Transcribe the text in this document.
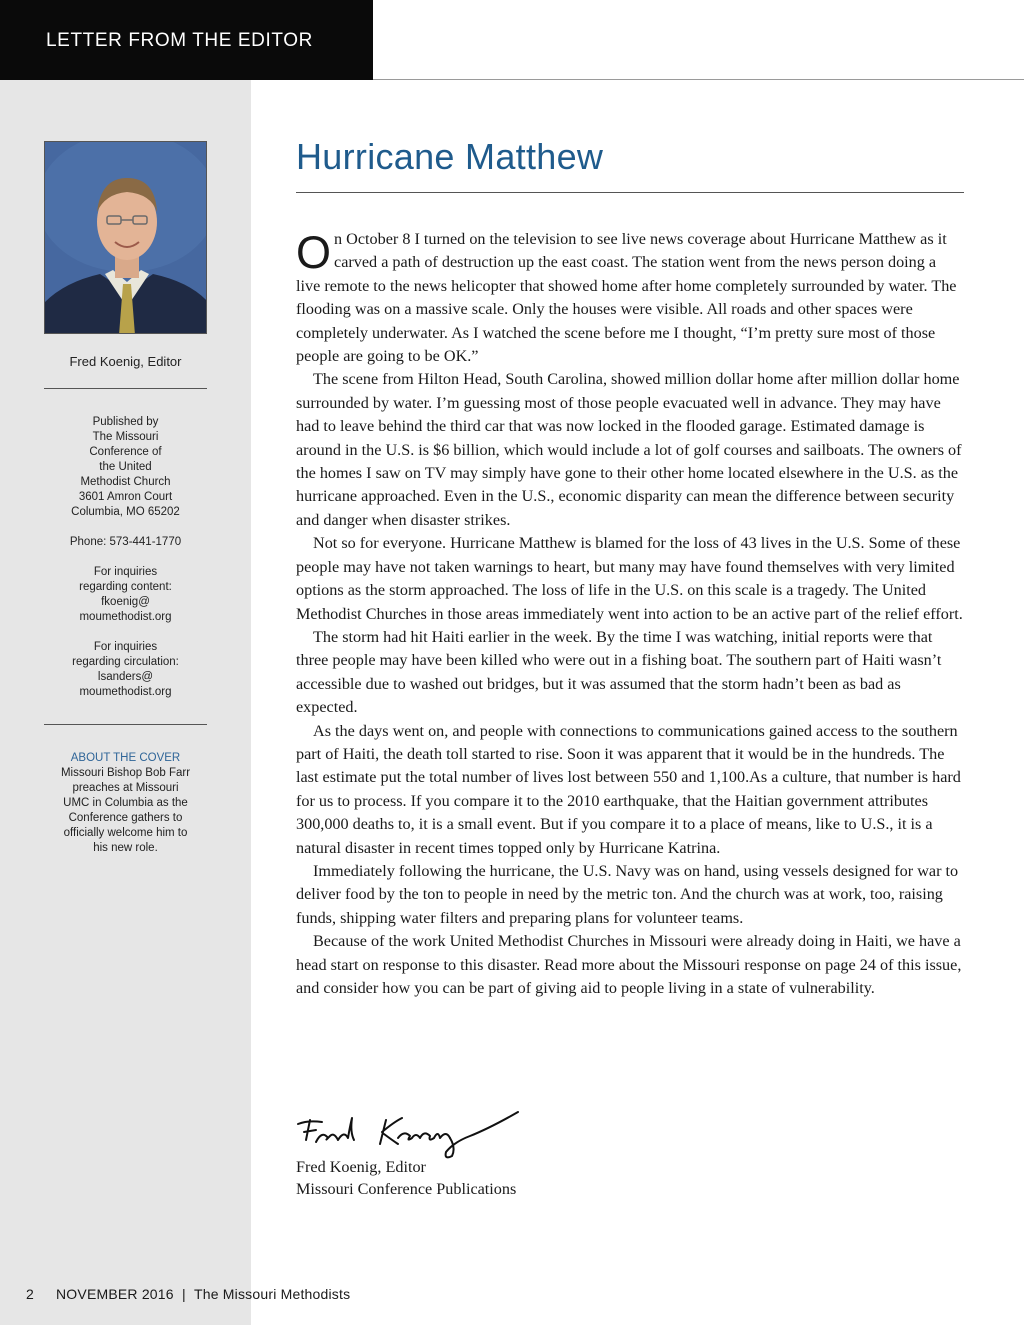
LETTER FROM THE EDITOR
Fred Koenig, Editor

Published by
The Missouri
Conference of
the United
Methodist Church
3601 Amron Court
Columbia, MO 65202

Phone: 573-441-1770

For inquiries
regarding content:
fkoenig@
moumethodist.org

For inquiries
regarding circulation:
lsanders@
moumethodist.org

ABOUT THE COVER
Missouri Bishop Bob Farr
preaches at Missouri
UMC in Columbia as the
Conference gathers to
officially welcome him to
his new role.
Hurricane Matthew

On October 8 I turned on the television to see live news coverage about Hurricane Matthew as it carved a path of destruction up the east coast. The station went from the news person doing a live remote to the news helicopter that showed home after home completely surrounded by water. The flooding was on a massive scale. Only the houses were visible. All roads and other spaces were completely underwater. As I watched the scene before me I thought, “I’m pretty sure most of those people are going to be OK.”

The scene from Hilton Head, South Carolina, showed million dollar home after million dollar home surrounded by water. I’m guessing most of those people evacuated well in advance. They may have had to leave behind the third car that was now locked in the flooded garage. Estimated damage is around in the U.S. is $6 billion, which would include a lot of golf courses and sailboats. The owners of the homes I saw on TV may simply have gone to their other home located elsewhere in the U.S. as the hurricane approached. Even in the U.S., economic disparity can mean the difference between security and danger when disaster strikes.

Not so for everyone. Hurricane Matthew is blamed for the loss of 43 lives in the U.S. Some of these people may have not taken warnings to heart, but many may have found themselves with very limited options as the storm approached. The loss of life in the U.S. on this scale is a tragedy. The United Methodist Churches in those areas immediately went into action to be an active part of the relief effort.

The storm had hit Haiti earlier in the week. By the time I was watching, initial reports were that three people may have been killed who were out in a fishing boat. The southern part of Haiti wasn’t accessible due to washed out bridges, but it was assumed that the storm hadn’t been as bad as expected.

As the days went on, and people with connections to communications gained access to the southern part of Haiti, the death toll started to rise. Soon it was apparent that it would be in the hundreds. The last estimate put the total number of lives lost between 550 and 1,100.As a culture, that number is hard for us to process. If you compare it to the 2010 earthquake, that the Haitian government attributes 300,000 deaths to, it is a small event. But if you compare it to a place of means, like to U.S., it is a natural disaster in recent times topped only by Hurricane Katrina.

Immediately following the hurricane, the U.S. Navy was on hand, using vessels designed for war to deliver food by the ton to people in need by the metric ton. And the church was at work, too, raising funds, shipping water filters and preparing plans for volunteer teams.

Because of the work United Methodist Churches in Missouri were already doing in Haiti, we have a head start on response to this disaster. Read more about the Missouri response on page 24 of this issue, and consider how you can be part of giving aid to people living in a state of vulnerability.

Fred Koenig, Editor
Missouri Conference Publications
2 NOVEMBER 2016 | The Missouri Methodists
